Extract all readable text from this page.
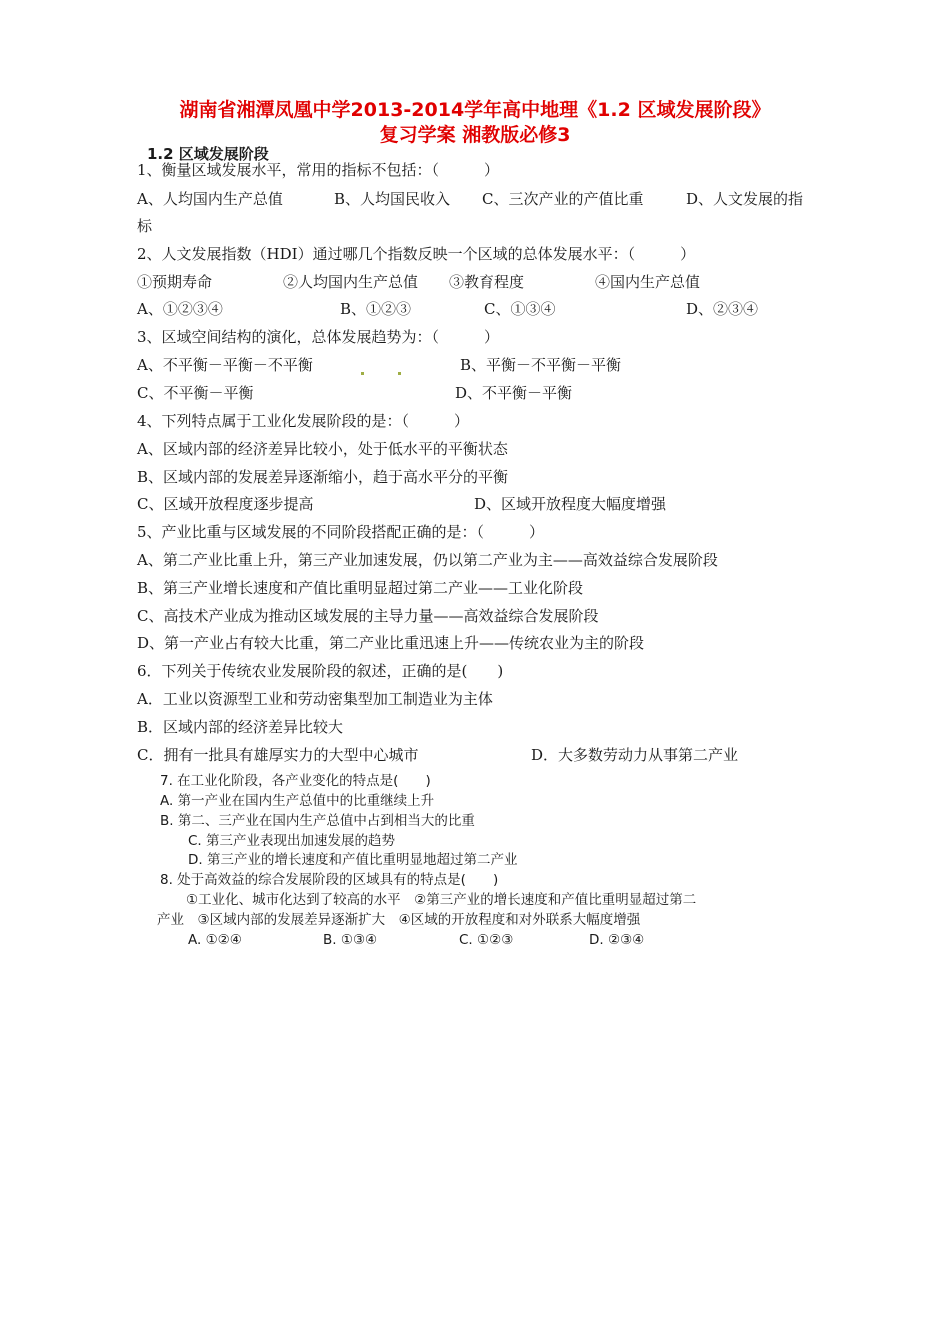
湖南省湘潭凤凰中学2013-2014学年高中地理《1.2 区域发展阶段》
复习学案 湘教版必修3
1.2 区域发展阶段
1、衡量区域发展水平，常用的指标不包括：（　　　）
A、人均国内生产总值	B、人均国民收入 C、三次产业的产值比重	D、人文发展的指
标
2、人文发展指数（HDI）通过哪几个指数反映一个区域的总体发展水平：（　　　）
①预期寿命	②人均国内生产总值 ③教育程度	④国内生产总值
A、①②③④	B、①②③	C、①③④	D、②③④
3、区域空间结构的演化，总体发展趋势为：（　　　）
A、不平衡－平衡－不平衡	B、平衡－不平衡－平衡
C、不平衡－平衡	D、不平衡－平衡
4、下列特点属于工业化发展阶段的是：（　　　）
A、区域内部的经济差异比较小，处于低水平的平衡状态
B、区域内部的发展差异逐渐缩小，趋于高水平分的平衡
C、区域开放程度逐步提高	D、区域开放程度大幅度增强
5、产业比重与区域发展的不同阶段搭配正确的是：（　　　）
A、第二产业比重上升，第三产业加速发展，仍以第二产业为主——高效益综合发展阶段
B、第三产业增长速度和产值比重明显超过第二产业——工业化阶段
C、高技术产业成为推动区域发展的主导力量——高效益综合发展阶段
D、第一产业占有较大比重，第二产业比重迅速上升——传统农业为主的阶段
6．下列关于传统农业发展阶段的叙述，正确的是(　　)
A．工业以资源型工业和劳动密集型加工制造业为主体
B．区域内部的经济差异比较大
C．拥有一批具有雄厚实力的大型中心城市	D．大多数劳动力从事第二产业
7. 在工业化阶段，各产业变化的特点是(　　)
A. 第一产业在国内生产总值中的比重继续上升
B. 第二、三产业在国内生产总值中占到相当大的比重
C. 第三产业表现出加速发展的趋势
D. 第三产业的增长速度和产值比重明显地超过第二产业
8. 处于高效益的综合发展阶段的区域具有的特点是(　　)
①工业化、城市化达到了较高的水平　②第三产业的增长速度和产值比重明显超过第二
产业　③区域内部的发展差异逐渐扩大　④区域的开放程度和对外联系大幅度增强
A. ①②④	B. ①③④	C. ①②③	D. ②③④
